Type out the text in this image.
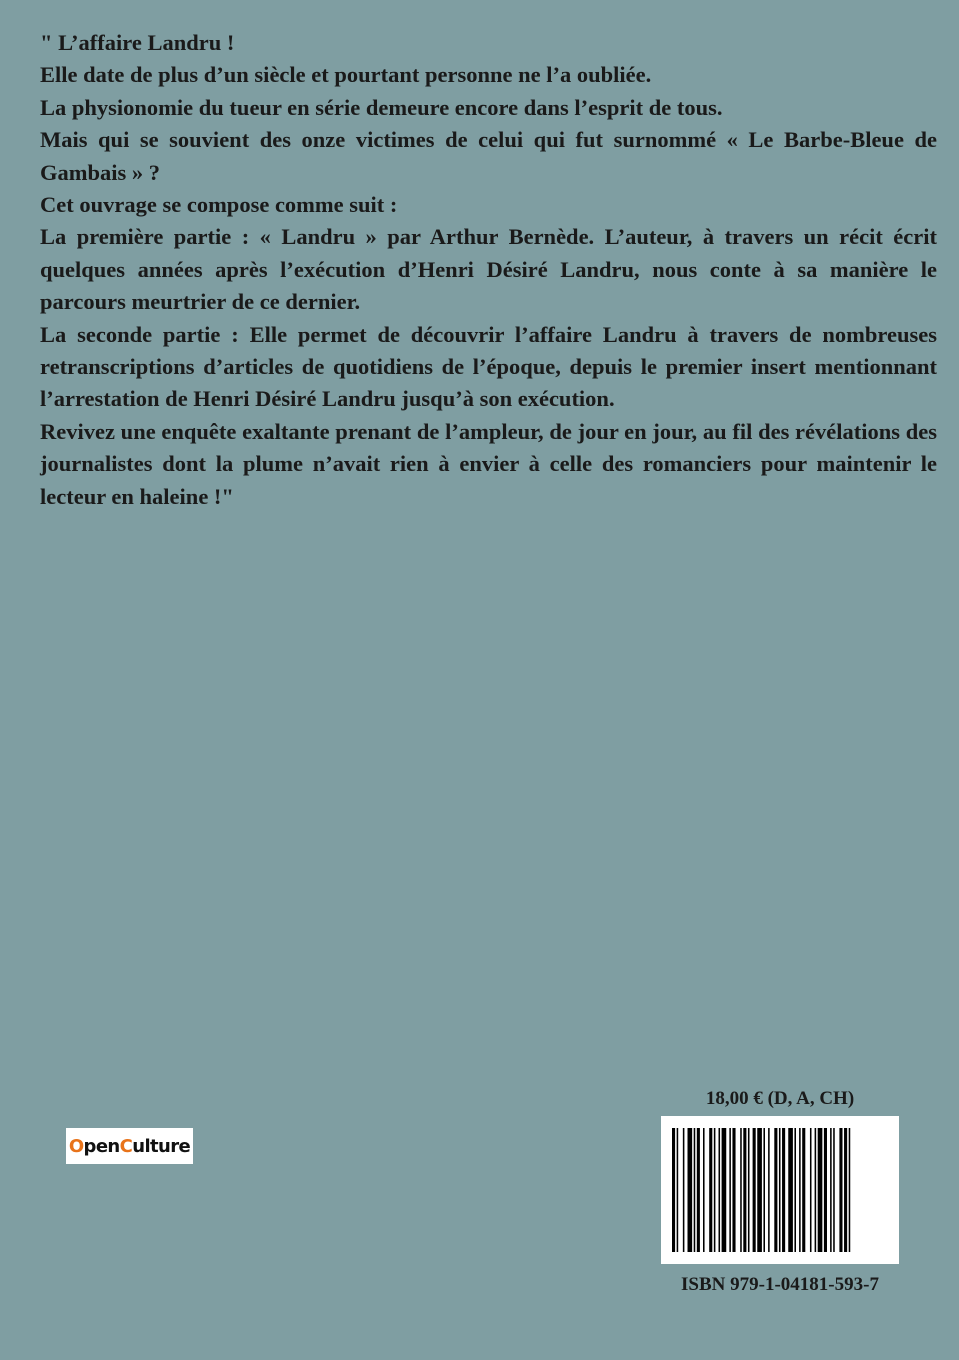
" L’affaire Landru !

Elle date de plus d’un siècle et pourtant personne ne l’a oubliée.

La physionomie du tueur en série demeure encore dans l’esprit de tous.

Mais qui se souvient des onze victimes de celui qui fut surnommé « Le Barbe-Bleue de Gambais » ?

Cet ouvrage se compose comme suit :

La première partie : « Landru » par Arthur Bernède. L’auteur, à travers un récit écrit quelques années après l’exécution d’Henri Désiré Landru, nous conte à sa manière le parcours meurtrier de ce dernier.

La seconde partie : Elle permet de découvrir l’affaire Landru à travers de nombreuses retranscriptions d’articles de quotidiens de l’époque, depuis le premier insert mentionnant l’arrestation de Henri Désiré Landru jusqu’à son exécution.

Revivez une enquête exaltante prenant de l’ampleur, de jour en jour, au fil des révélations des journalistes dont la plume n’avait rien à envier à celle des romanciers pour maintenir le lecteur en haleine !"

O pen C ulture
18,00 € (D, A, CH)
ISBN 979-1-04181-593-7
